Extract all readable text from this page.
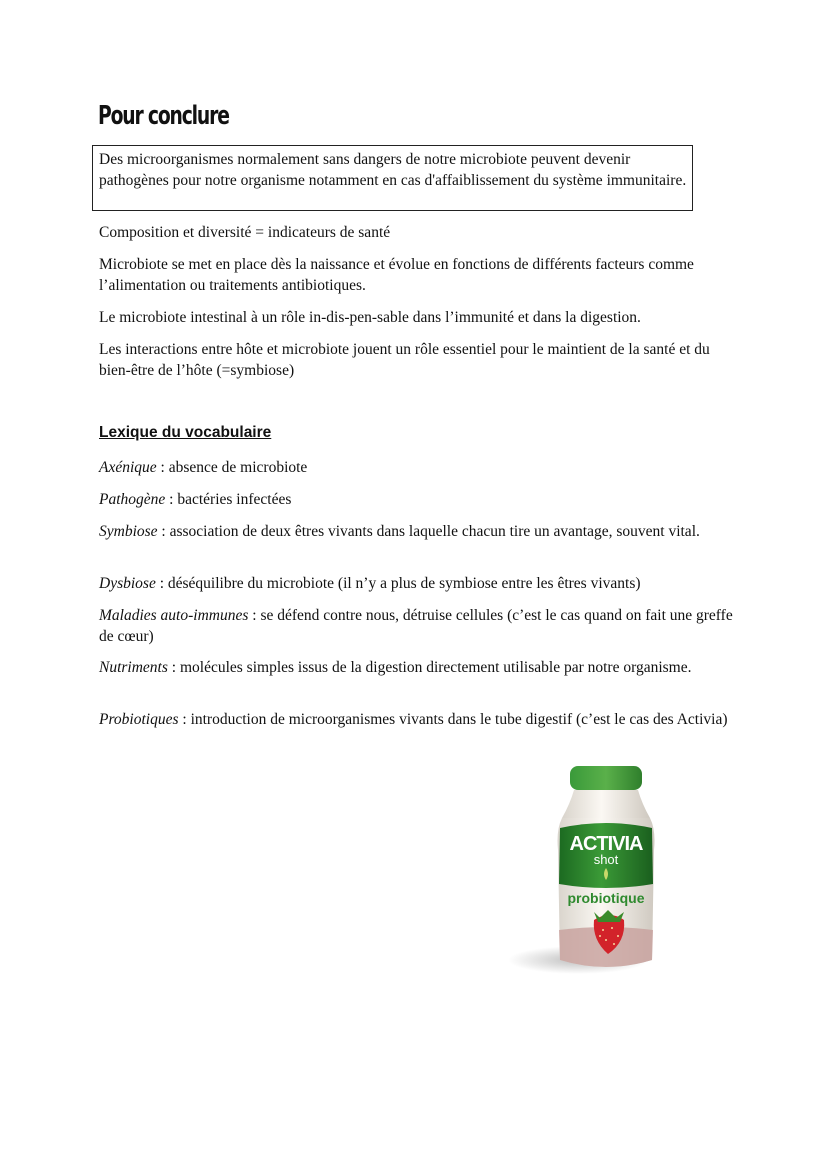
Pour conclure
Des microorganismes normalement sans dangers de notre microbiote peuvent devenir pathogènes pour notre organisme notamment en cas d'affaiblissement du système immunitaire.

Composition et diversité = indicateurs de santé

Microbiote se met en place dès la naissance et évolue en fonctions de différents facteurs comme l’alimentation ou traitements antibiotiques.

Le microbiote intestinal à un rôle in-dis-pen-sable dans l’immunité et dans la digestion.

Les interactions entre hôte et microbiote jouent un rôle essentiel pour le maintient de la santé et du bien-être de l’hôte (=symbiose)

Lexique du vocabulaire

Axénique : absence de microbiote

Pathogène : bactéries infectées

Symbiose : association de deux êtres vivants dans laquelle chacun tire un avantage, souvent vital.

Dysbiose : déséquilibre du microbiote (il n’y a plus de symbiose entre les êtres vivants)

Maladies auto-immunes : se défend contre nous, détruise cellules (c’est le cas quand on fait une greffe de cœur)

Nutriments : molécules simples issus de la digestion directement utilisable par notre organisme.

Probiotiques : introduction de microorganismes vivants dans le tube digestif (c’est le cas des Activia)

ACTIVIA
shot
probiotique
